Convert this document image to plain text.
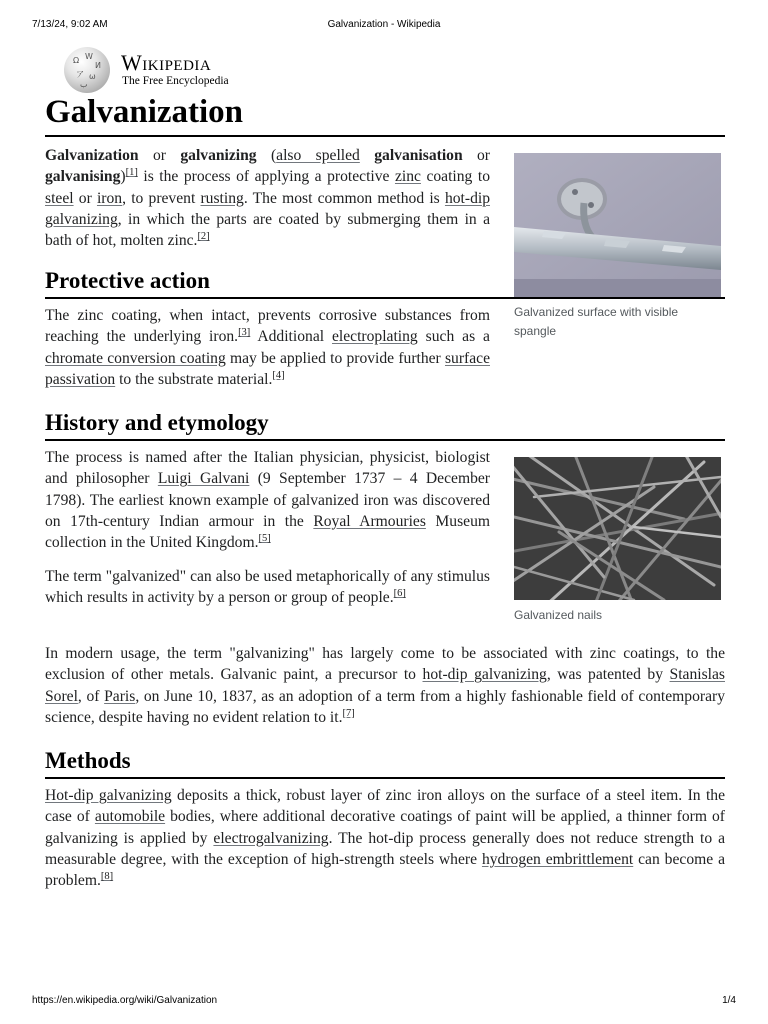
7/13/24, 9:02 AM	Galvanization - Wikipedia
Ω W
И
ア ω
ب
Wikipedia
The Free Encyclopedia
Galvanization

Galvanization or galvanizing (also spelled galvanisation or galvanising)[1] is the process of applying a protective zinc coating to steel or iron, to prevent rusting. The most common method is hot-dip galvanizing, in which the parts are coated by submerging them in a bath of hot, molten zinc.[2]

Protective action

The zinc coating, when intact, prevents corrosive substances from reaching the underlying iron.[3] Additional electroplating such as a chromate conversion coating may be applied to provide further surface passivation to the substrate material.[4]

History and etymology

The process is named after the Italian physician, physicist, biologist and philosopher Luigi Galvani (9 September 1737 – 4 December 1798). The earliest known example of galvanized iron was discovered on 17th-century Indian armour in the Royal Armouries Museum collection in the United Kingdom.[5]

The term "galvanized" can also be used metaphorically of any stimulus which results in activity by a person or group of people.[6]

In modern usage, the term "galvanizing" has largely come to be associated with zinc coatings, to the exclusion of other metals. Galvanic paint, a precursor to hot-dip galvanizing, was patented by Stanislas Sorel, of Paris, on June 10, 1837, as an adoption of a term from a highly fashionable field of contemporary science, despite having no evident relation to it.[7]

Methods

Hot-dip galvanizing deposits a thick, robust layer of zinc iron alloys on the surface of a steel item. In the case of automobile bodies, where additional decorative coatings of paint will be applied, a thinner form of galvanizing is applied by electrogalvanizing. The hot-dip process generally does not reduce strength to a measurable degree, with the exception of high-strength steels where hydrogen embrittlement can become a problem.[8]

Galvanized surface with visible spangle
Galvanized nails
https://en.wikipedia.org/wiki/Galvanization	1/4
